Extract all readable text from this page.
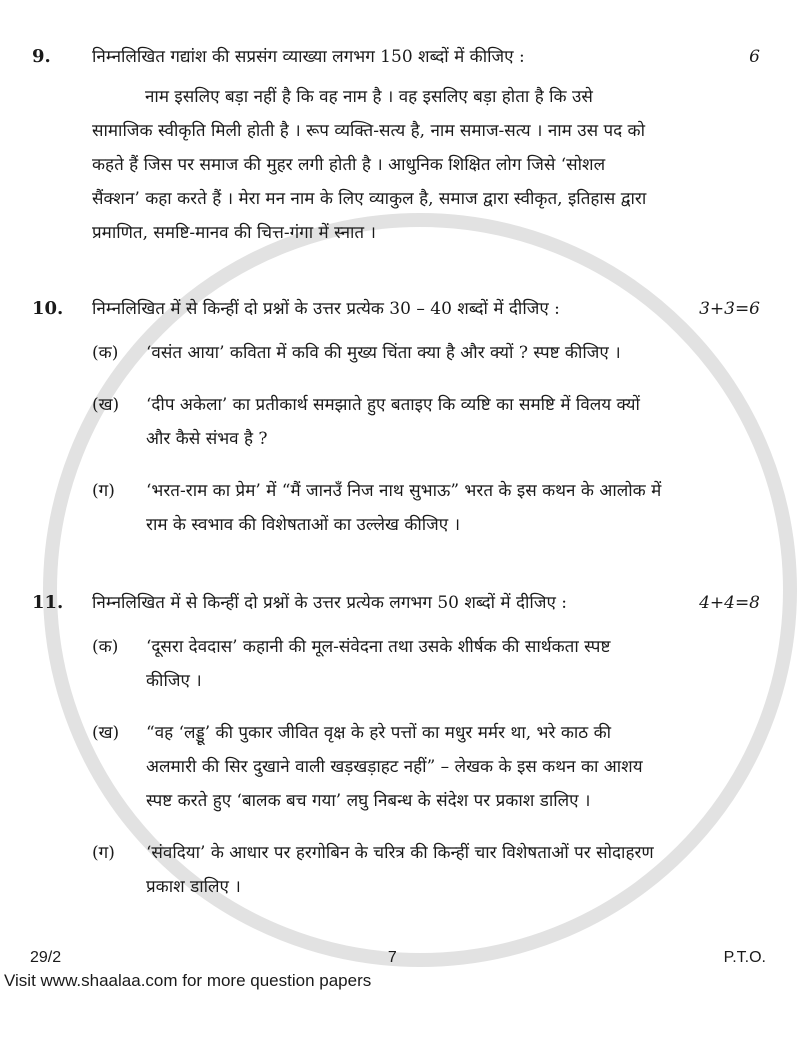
9.	निम्नलिखित गद्यांश की सप्रसंग व्याख्या लगभग 150 शब्दों में कीजिए :	6
नाम इसलिए बड़ा नहीं है कि वह नाम है । वह इसलिए बड़ा होता है कि उसे
सामाजिक स्वीकृति मिली होती है । रूप व्यक्ति-सत्य है, नाम समाज-सत्य । नाम उस पद को
कहते हैं जिस पर समाज की मुहर लगी होती है । आधुनिक शिक्षित लोग जिसे ‘सोशल
सैंक्शन’ कहा करते हैं । मेरा मन नाम के लिए व्याकुल है, समाज द्वारा स्वीकृत, इतिहास द्वारा
प्रमाणित, समष्टि-मानव की चित्त-गंगा में स्नात ।
10.	निम्नलिखित में से किन्हीं दो प्रश्नों के उत्तर प्रत्येक 30 – 40 शब्दों में दीजिए :	3+3=6
(क)	‘वसंत आया’ कविता में कवि की मुख्य चिंता क्या है और क्यों ? स्पष्ट कीजिए ।
(ख)	‘दीप अकेला’ का प्रतीकार्थ समझाते हुए बताइए कि व्यष्टि का समष्टि में विलय क्यों
और कैसे संभव है ?
(ग)	‘भरत-राम का प्रेम’ में “मैं जानउँ निज नाथ सुभाऊ” भरत के इस कथन के आलोक में
राम के स्वभाव की विशेषताओं का उल्लेख कीजिए ।
11.	निम्नलिखित में से किन्हीं दो प्रश्नों के उत्तर प्रत्येक लगभग 50 शब्दों में दीजिए :	4+4=8
(क)	‘दूसरा देवदास’ कहानी की मूल-संवेदना तथा उसके शीर्षक की सार्थकता स्पष्ट
कीजिए ।
(ख)	“वह ‘लड्डू’ की पुकार जीवित वृक्ष के हरे पत्तों का मधुर मर्मर था, भरे काठ की
अलमारी की सिर दुखाने वाली खड़खड़ाहट नहीं” – लेखक के इस कथन का आशय
स्पष्ट करते हुए ‘बालक बच गया’ लघु निबन्ध के संदेश पर प्रकाश डालिए ।
(ग)	‘संवदिया’ के आधार पर हरगोबिन के चरित्र की किन्हीं चार विशेषताओं पर सोदाहरण
प्रकाश डालिए ।
29/2	7	P.T.O.
Visit www.shaalaa.com for more question papers
